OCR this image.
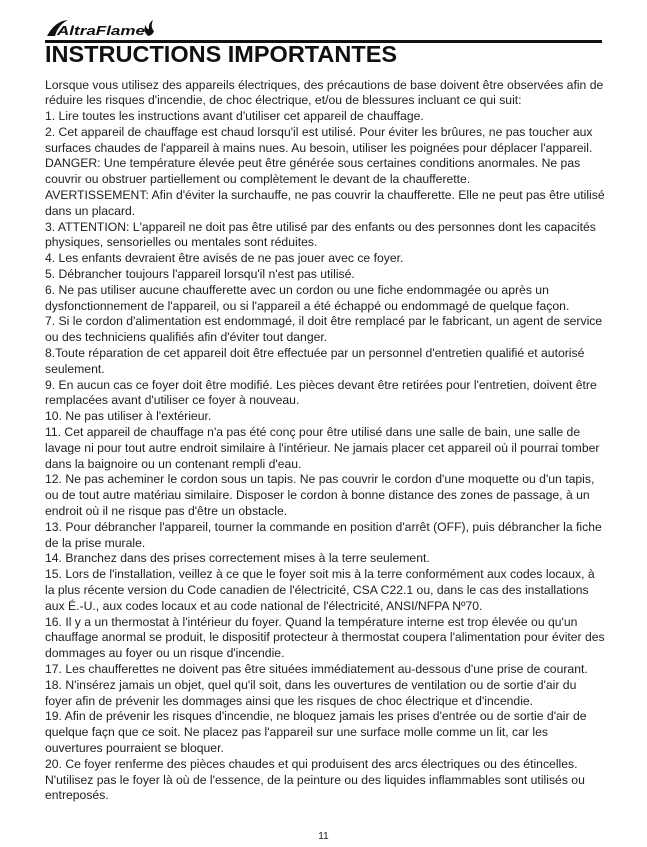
AltraFlame
INSTRUCTIONS IMPORTANTES

Lorsque vous utilisez des appareils électriques, des précautions de base doivent être observées afin de réduire les risques d'incendie, de choc électrique, et/ou de blessures incluant ce qui suit:

1. Lire toutes les instructions avant d'utiliser cet appareil de chauffage.

2. Cet appareil de chauffage est chaud lorsqu'il est utilisé. Pour éviter les brûures, ne pas toucher aux surfaces chaudes de l'appareil à mains nues. Au besoin, utiliser les poignées pour déplacer l'appareil.

DANGER: Une température élevée peut être générée sous certaines conditions anormales. Ne pas couvrir ou obstruer partiellement ou complètement le devant de la chaufferette.

AVERTISSEMENT: Afin d'éviter la surchauffe, ne pas couvrir la chaufferette. Elle ne peut pas être utilisé dans un placard.

3. ATTENTION: L'appareil ne doit pas être utilisé par des enfants ou des personnes dont les capacités physiques, sensorielles ou mentales sont réduites.

4. Les enfants devraient être avisés de ne pas jouer avec ce foyer.

5. Débrancher toujours l'appareil lorsqu'il n'est pas utilisé.

6. Ne pas utiliser aucune chaufferette avec un cordon ou une fiche endommagée ou après un dysfonctionnement de l'appareil, ou si l'appareil a été échappé ou endommagé de quelque façon.

7. Si le cordon d'alimentation est endommagé, il doit être remplacé par le fabricant, un agent de service ou des techniciens qualifiés afin d'éviter tout danger.

8.Toute réparation de cet appareil doit être effectuée par un personnel d'entretien qualifié et autorisé seulement.

9. En aucun cas ce foyer doit être modifié. Les pièces devant être retirées pour l'entretien, doivent être remplacées avant d'utiliser ce foyer à nouveau.

10. Ne pas utiliser à l'extérieur.

11. Cet appareil de chauffage n'a pas été conç pour être utilisé dans une salle de bain, une salle de lavage ni pour tout autre endroit similaire à l'intérieur. Ne jamais placer cet appareil où il pourrai tomber dans la baignoire ou un contenant rempli d'eau.

12. Ne pas acheminer le cordon sous un tapis. Ne pas couvrir le cordon d'une moquette ou d'un tapis, ou de tout autre matériau similaire. Disposer le cordon à bonne distance des zones de passage, à un endroit où il ne risque pas d'être un obstacle.

13. Pour débrancher l'appareil, tourner la commande en position d'arrêt (OFF), puis débrancher la fiche de la prise murale.

14. Branchez dans des prises correctement mises à la terre seulement.

15. Lors de l'installation, veillez à ce que le foyer soit mis à la terre conformément aux codes locaux, à la plus récente version du Code canadien de l'électricité, CSA C22.1 ou, dans le cas des installations aux É.-U., aux codes locaux et au code national de l'électricité, ANSI/NFPA Nº70.

16. Il y a un thermostat à l'intérieur du foyer. Quand la température interne est trop élevée ou qu'un chauffage anormal se produit, le dispositif protecteur à thermostat coupera l'alimentation pour éviter des dommages au foyer ou un risque d'incendie.

17. Les chaufferettes ne doivent pas être situées immédiatement au-dessous d'une prise de courant.

18. N'insérez jamais un objet, quel qu'il soit, dans les ouvertures de ventilation ou de sortie d'air du foyer afin de prévenir les dommages ainsi que les risques de choc électrique et d'incendie.

19. Afin de prévenir les risques d'incendie, ne bloquez jamais les prises d'entrée ou de sortie d'air de quelque façn que ce soit. Ne placez pas l'appareil sur une surface molle comme un lit, car les ouvertures pourraient se bloquer.

20. Ce foyer renferme des pièces chaudes et qui produisent des arcs électriques ou des étincelles. N'utilisez pas le foyer là où de l'essence, de la peinture ou des liquides inflammables sont utilisés ou entreposés.

11
